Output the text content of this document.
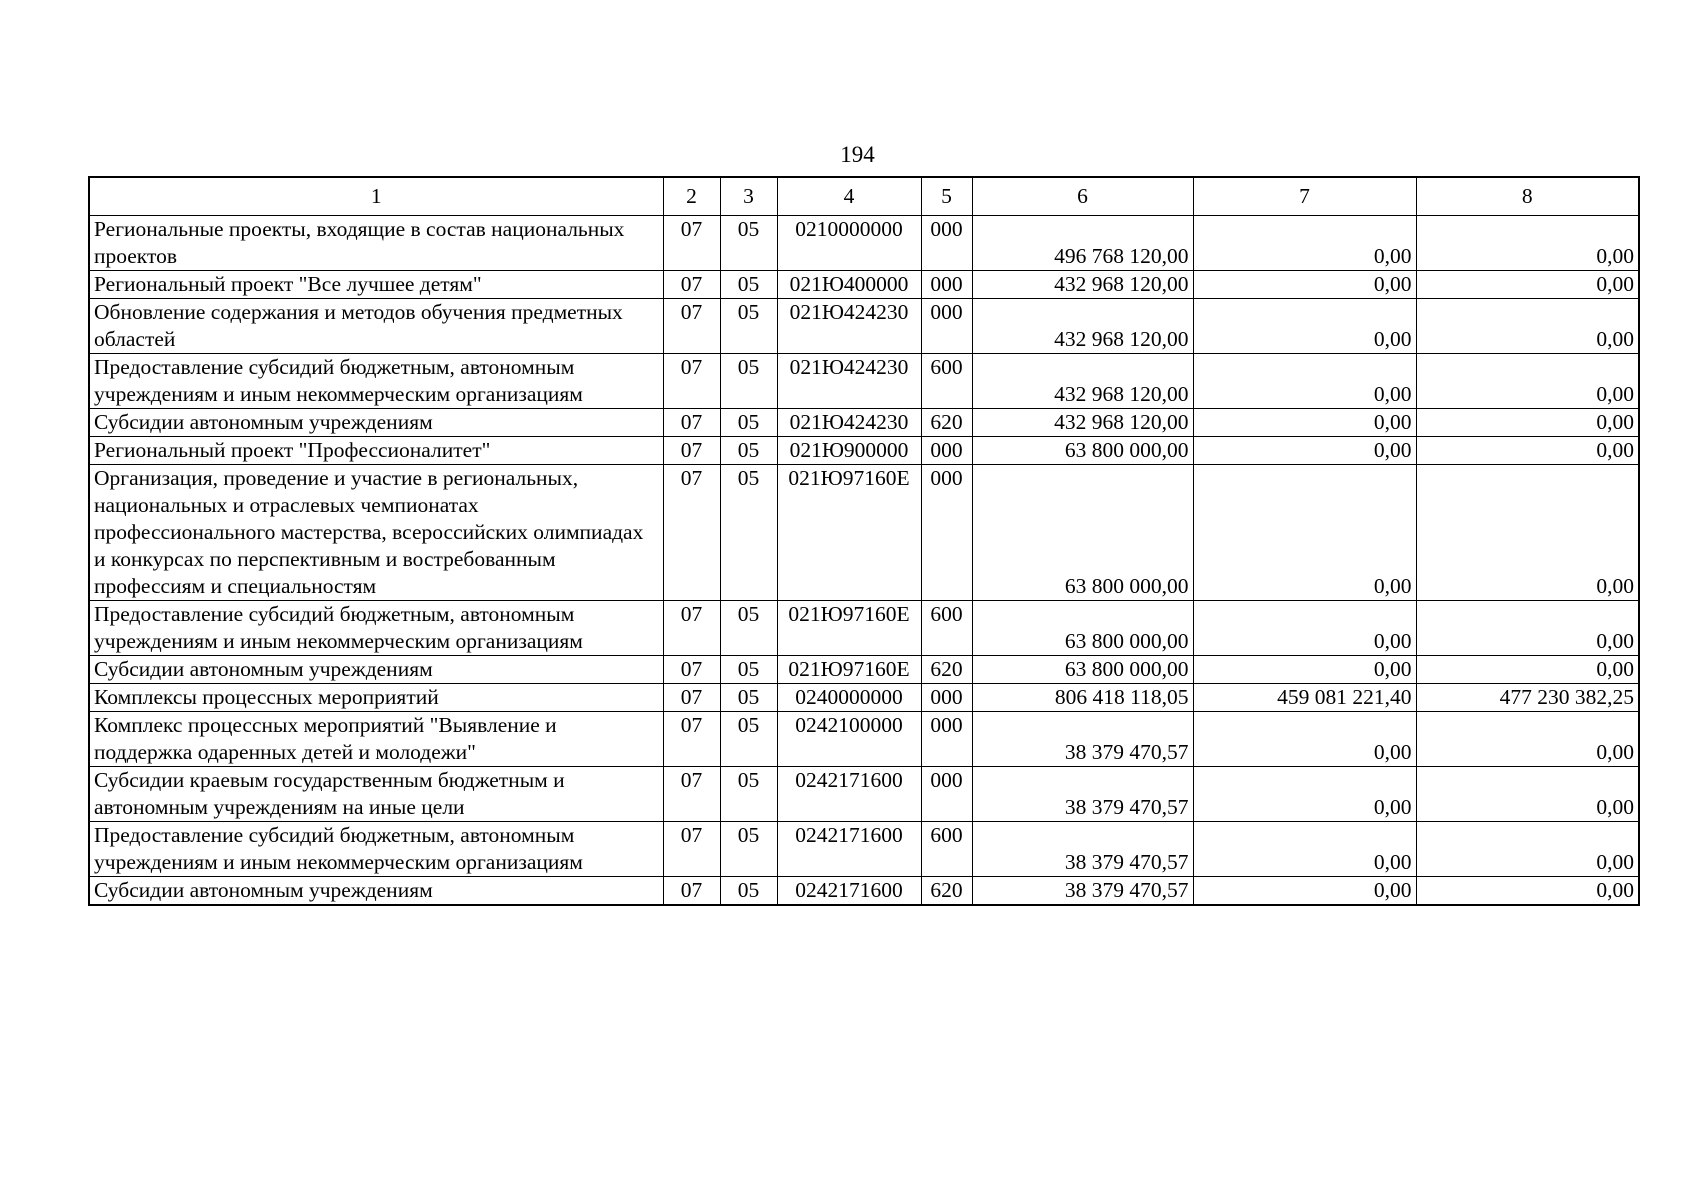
194
1	2	3	4	5	6	7	8
Региональные проекты, входящие в состав национальных проектов	07	05	0210000000	000	496 768 120,00	0,00	0,00
Региональный проект "Все лучшее детям"	07	05	021Ю400000	000	432 968 120,00	0,00	0,00
Обновление содержания и методов обучения предметных областей	07	05	021Ю424230	000	432 968 120,00	0,00	0,00
Предоставление субсидий бюджетным, автономным учреждениям и иным некоммерческим организациям	07	05	021Ю424230	600	432 968 120,00	0,00	0,00
Субсидии автономным учреждениям	07	05	021Ю424230	620	432 968 120,00	0,00	0,00
Региональный проект "Профессионалитет"	07	05	021Ю900000	000	63 800 000,00	0,00	0,00
Организация, проведение и участие в региональных, национальных и отраслевых чемпионатах профессионального мастерства, всероссийских олимпиадах и конкурсах по перспективным и востребованным профессиям и специальностям	07	05	021Ю97160Е	000	63 800 000,00	0,00	0,00
Предоставление субсидий бюджетным, автономным учреждениям и иным некоммерческим организациям	07	05	021Ю97160Е	600	63 800 000,00	0,00	0,00
Субсидии автономным учреждениям	07	05	021Ю97160Е	620	63 800 000,00	0,00	0,00
Комплексы процессных мероприятий	07	05	0240000000	000	806 418 118,05	459 081 221,40	477 230 382,25
Комплекс процессных мероприятий "Выявление и поддержка одаренных детей и молодежи"	07	05	0242100000	000	38 379 470,57	0,00	0,00
Субсидии краевым государственным бюджетным и автономным учреждениям на иные цели	07	05	0242171600	000	38 379 470,57	0,00	0,00
Предоставление субсидий бюджетным, автономным учреждениям и иным некоммерческим организациям	07	05	0242171600	600	38 379 470,57	0,00	0,00
Субсидии автономным учреждениям	07	05	0242171600	620	38 379 470,57	0,00	0,00
